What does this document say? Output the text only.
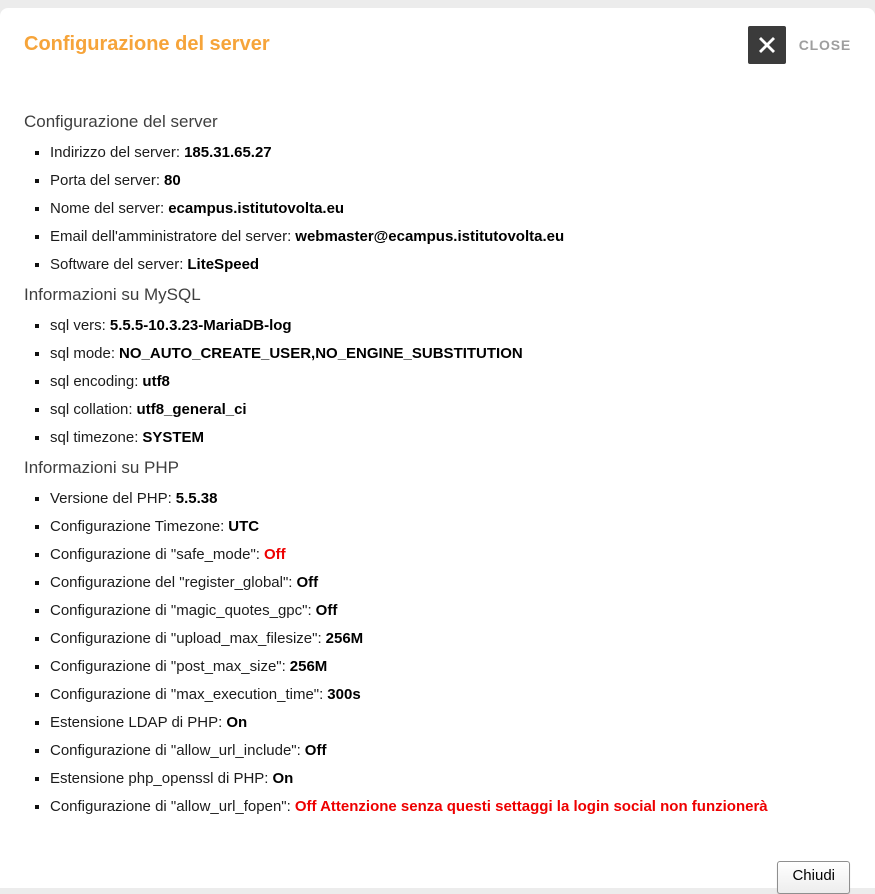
Configurazione del server	CLOSE
Configurazione del server
▪ Indirizzo del server: 185.31.65.27
▪ Porta del server: 80
▪ Nome del server: ecampus.istitutovolta.eu
▪ Email dell'amministratore del server: webmaster@ecampus.istitutovolta.eu
▪ Software del server: LiteSpeed
Informazioni su MySQL
▪ sql vers: 5.5.5-10.3.23-MariaDB-log
▪ sql mode: NO_AUTO_CREATE_USER,NO_ENGINE_SUBSTITUTION
▪ sql encoding: utf8
▪ sql collation: utf8_general_ci
▪ sql timezone: SYSTEM
Informazioni su PHP
▪ Versione del PHP: 5.5.38
▪ Configurazione Timezone: UTC
▪ Configurazione di "safe_mode": Off
▪ Configurazione del "register_global": Off
▪ Configurazione di "magic_quotes_gpc": Off
▪ Configurazione di "upload_max_filesize": 256M
▪ Configurazione di "post_max_size": 256M
▪ Configurazione di "max_execution_time": 300s
▪ Estensione LDAP di PHP: On
▪ Configurazione di "allow_url_include": Off
▪ Estensione php_openssl di PHP: On
▪ Configurazione di "allow_url_fopen": Off Attenzione senza questi settaggi la login social non funzionerà
Chiudi
